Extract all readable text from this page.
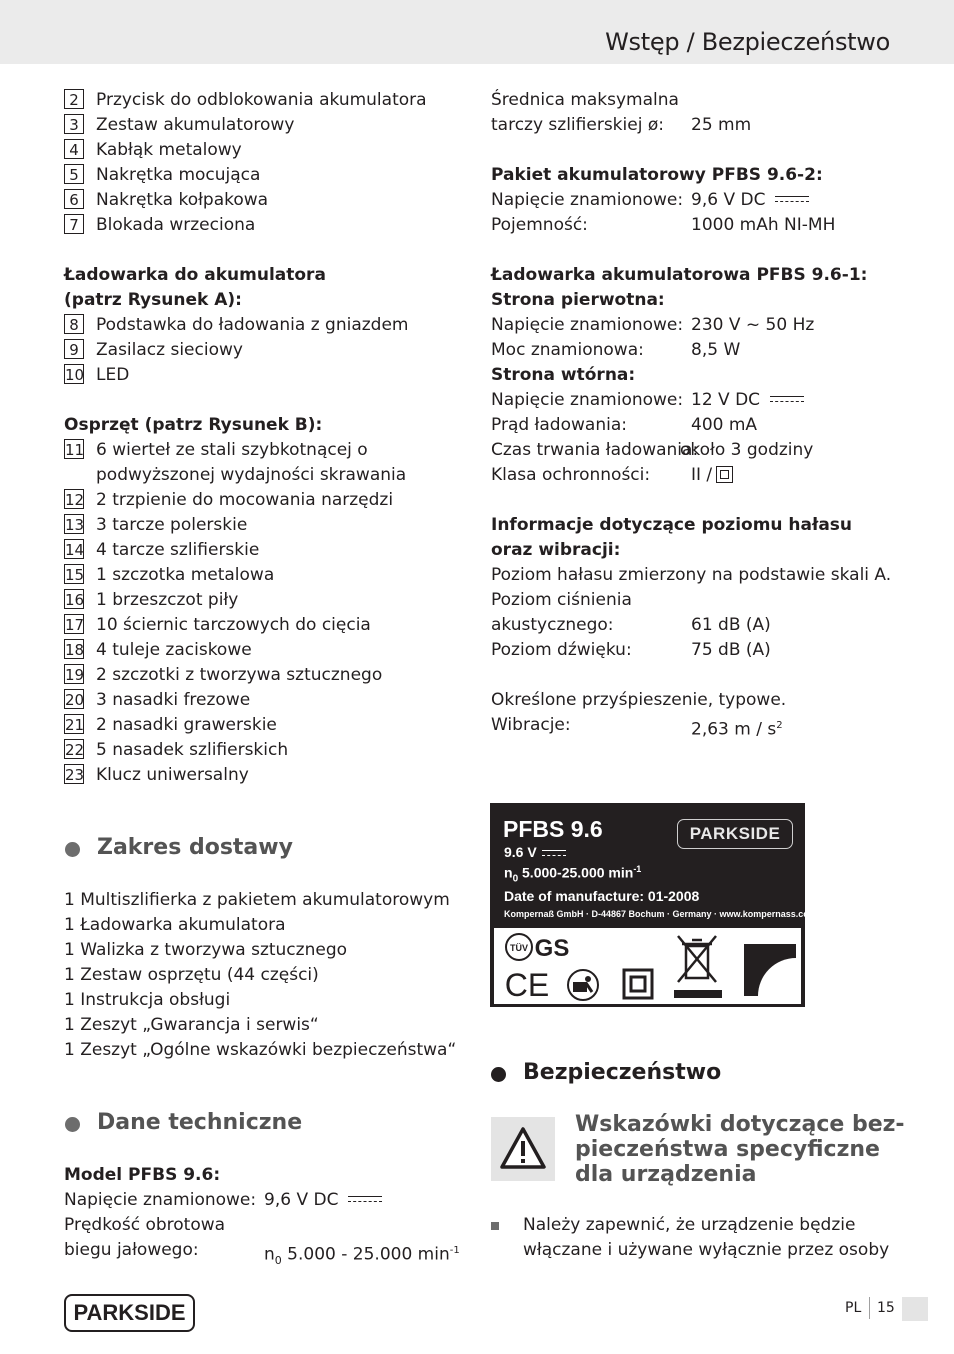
Wstęp / Bezpieczeństwo
2	Przycisk do odblokowania akumulatora
3	Zestaw akumulatorowy
4	Kabłąk metalowy
5	Nakrętka mocująca
6	Nakrętka kołpakowa
7	Blokada wrzeciona
Ładowarka do akumulatora
(patrz Rysunek A):
8	Podstawka do ładowania z gniazdem
9	Zasilacz sieciowy
10 LED
Osprzęt (patrz Rysunek B):
11 6 wierteł ze stali szybkotnącej o
podwyższonej wydajności skrawania
12 2 trzpienie do mocowania narzędzi
13 3 tarcze polerskie
14 4 tarcze szlifierskie
15 1 szczotka metalowa
16 1 brzeszczot piły
17 10 ściernic tarczowych do cięcia
18 4 tuleje zaciskowe
19 2 szczotki z tworzywa sztucznego
20 3 nasadki frezowe
21 2 nasadki grawerskie
22 5 nasadek szlifierskich
23 Klucz uniwersalny
Zakres dostawy
1 Multiszlifierka z pakietem akumulatorowym
1 Ładowarka akumulatora
1 Walizka z tworzywa sztucznego
1 Zestaw osprzętu (44 części)
1 Instrukcja obsługi
1 Zeszyt „Gwarancja i serwis“
1 Zeszyt „Ogólne wskazówki bezpieczeństwa“
Dane techniczne
Model PFBS 9.6:
Napięcie znamionowe: 9,6 V DC
Prędkość obrotowa
biegu jałowego:	$n_0$ 5.000 - 25.000 $\min^{-1}$
Średnica maksymalna
tarczy szlifierskiej ø: 25 mm
Pakiet akumulatorowy PFBS 9.6-2:
Napięcie znamionowe: 9,6 V DC
Pojemność:	1000 mAh NI-MH
Ładowarka akumulatorowa PFBS 9.6-1:
Strona pierwotna:
Napięcie znamionowe: 230 V ~ 50 Hz
Moc znamionowa:	8,5 W
Strona wtórna:
Napięcie znamionowe: 12 V DC
Prąd ładowania:	400 mA
Czas trwania ładowania:
około 3 godziny
Klasa ochronności: II /
Informacje dotyczące poziomu hałasu
oraz wibracji:
Poziom hałasu zmierzony na podstawie skali A.
Poziom ciśnienia
akustycznego:	61 dB (A)
Poziom dźwięku:	75 dB (A)
Określone przyśpieszenie, typowe.
Wibracje:	2,63 m / $s^2$
PFBS 9.6	PARKSIDE
9.6 V
$n_0$ 5.000-25.000 $\min^{-1}$
Date of manufacture: 01-2008
Kompernaß GmbH · D-44867 Bochum · Germany · www.kompernass.com
TÜV GS
CE
Bezpieczeństwo
Wskazówki dotyczące bez-
pieczeństwa specyficzne
dla urządzenia
Należy zapewnić, że urządzenie będzie
włączane i używane wyłącznie przez osoby
PARKSIDE	PL 15
